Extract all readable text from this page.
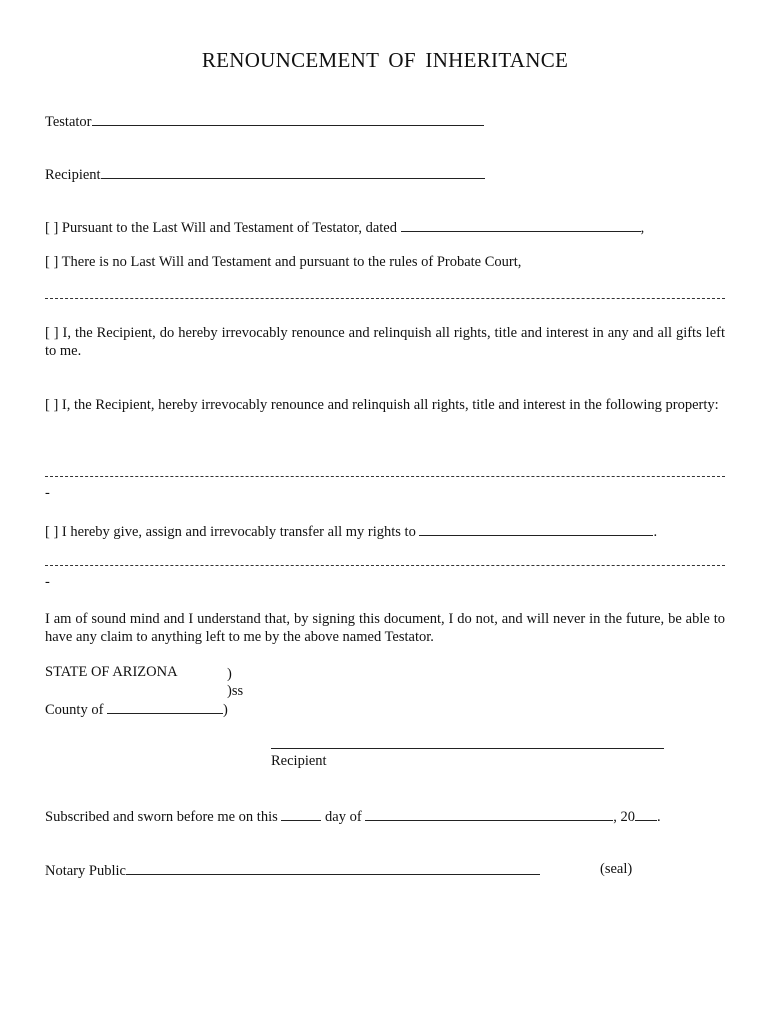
RENOUNCEMENT OF INHERITANCE
Testator
Recipient
[ ] Pursuant to the Last Will and Testament of Testator, dated	,
[ ] There is no Last Will and Testament and pursuant to the rules of Probate Court,
[ ] I, the Recipient, do hereby irrevocably renounce and relinquish all rights, title and interest in any and all gifts left to me.
[ ] I, the Recipient, hereby irrevocably renounce and relinquish all rights, title and interest in the following property:
-
[ ] I hereby give, assign and irrevocably transfer all my rights to	.
-
I am of sound mind and I understand that, by signing this document, I do not, and will never in the future, be able to have any claim to anything left to me by the above named Testator.
STATE OF ARIZONA	)
)ss
County of	)
Recipient
Subscribed and sworn before me on this	day of	, 20 .
Notary Public	(seal)
